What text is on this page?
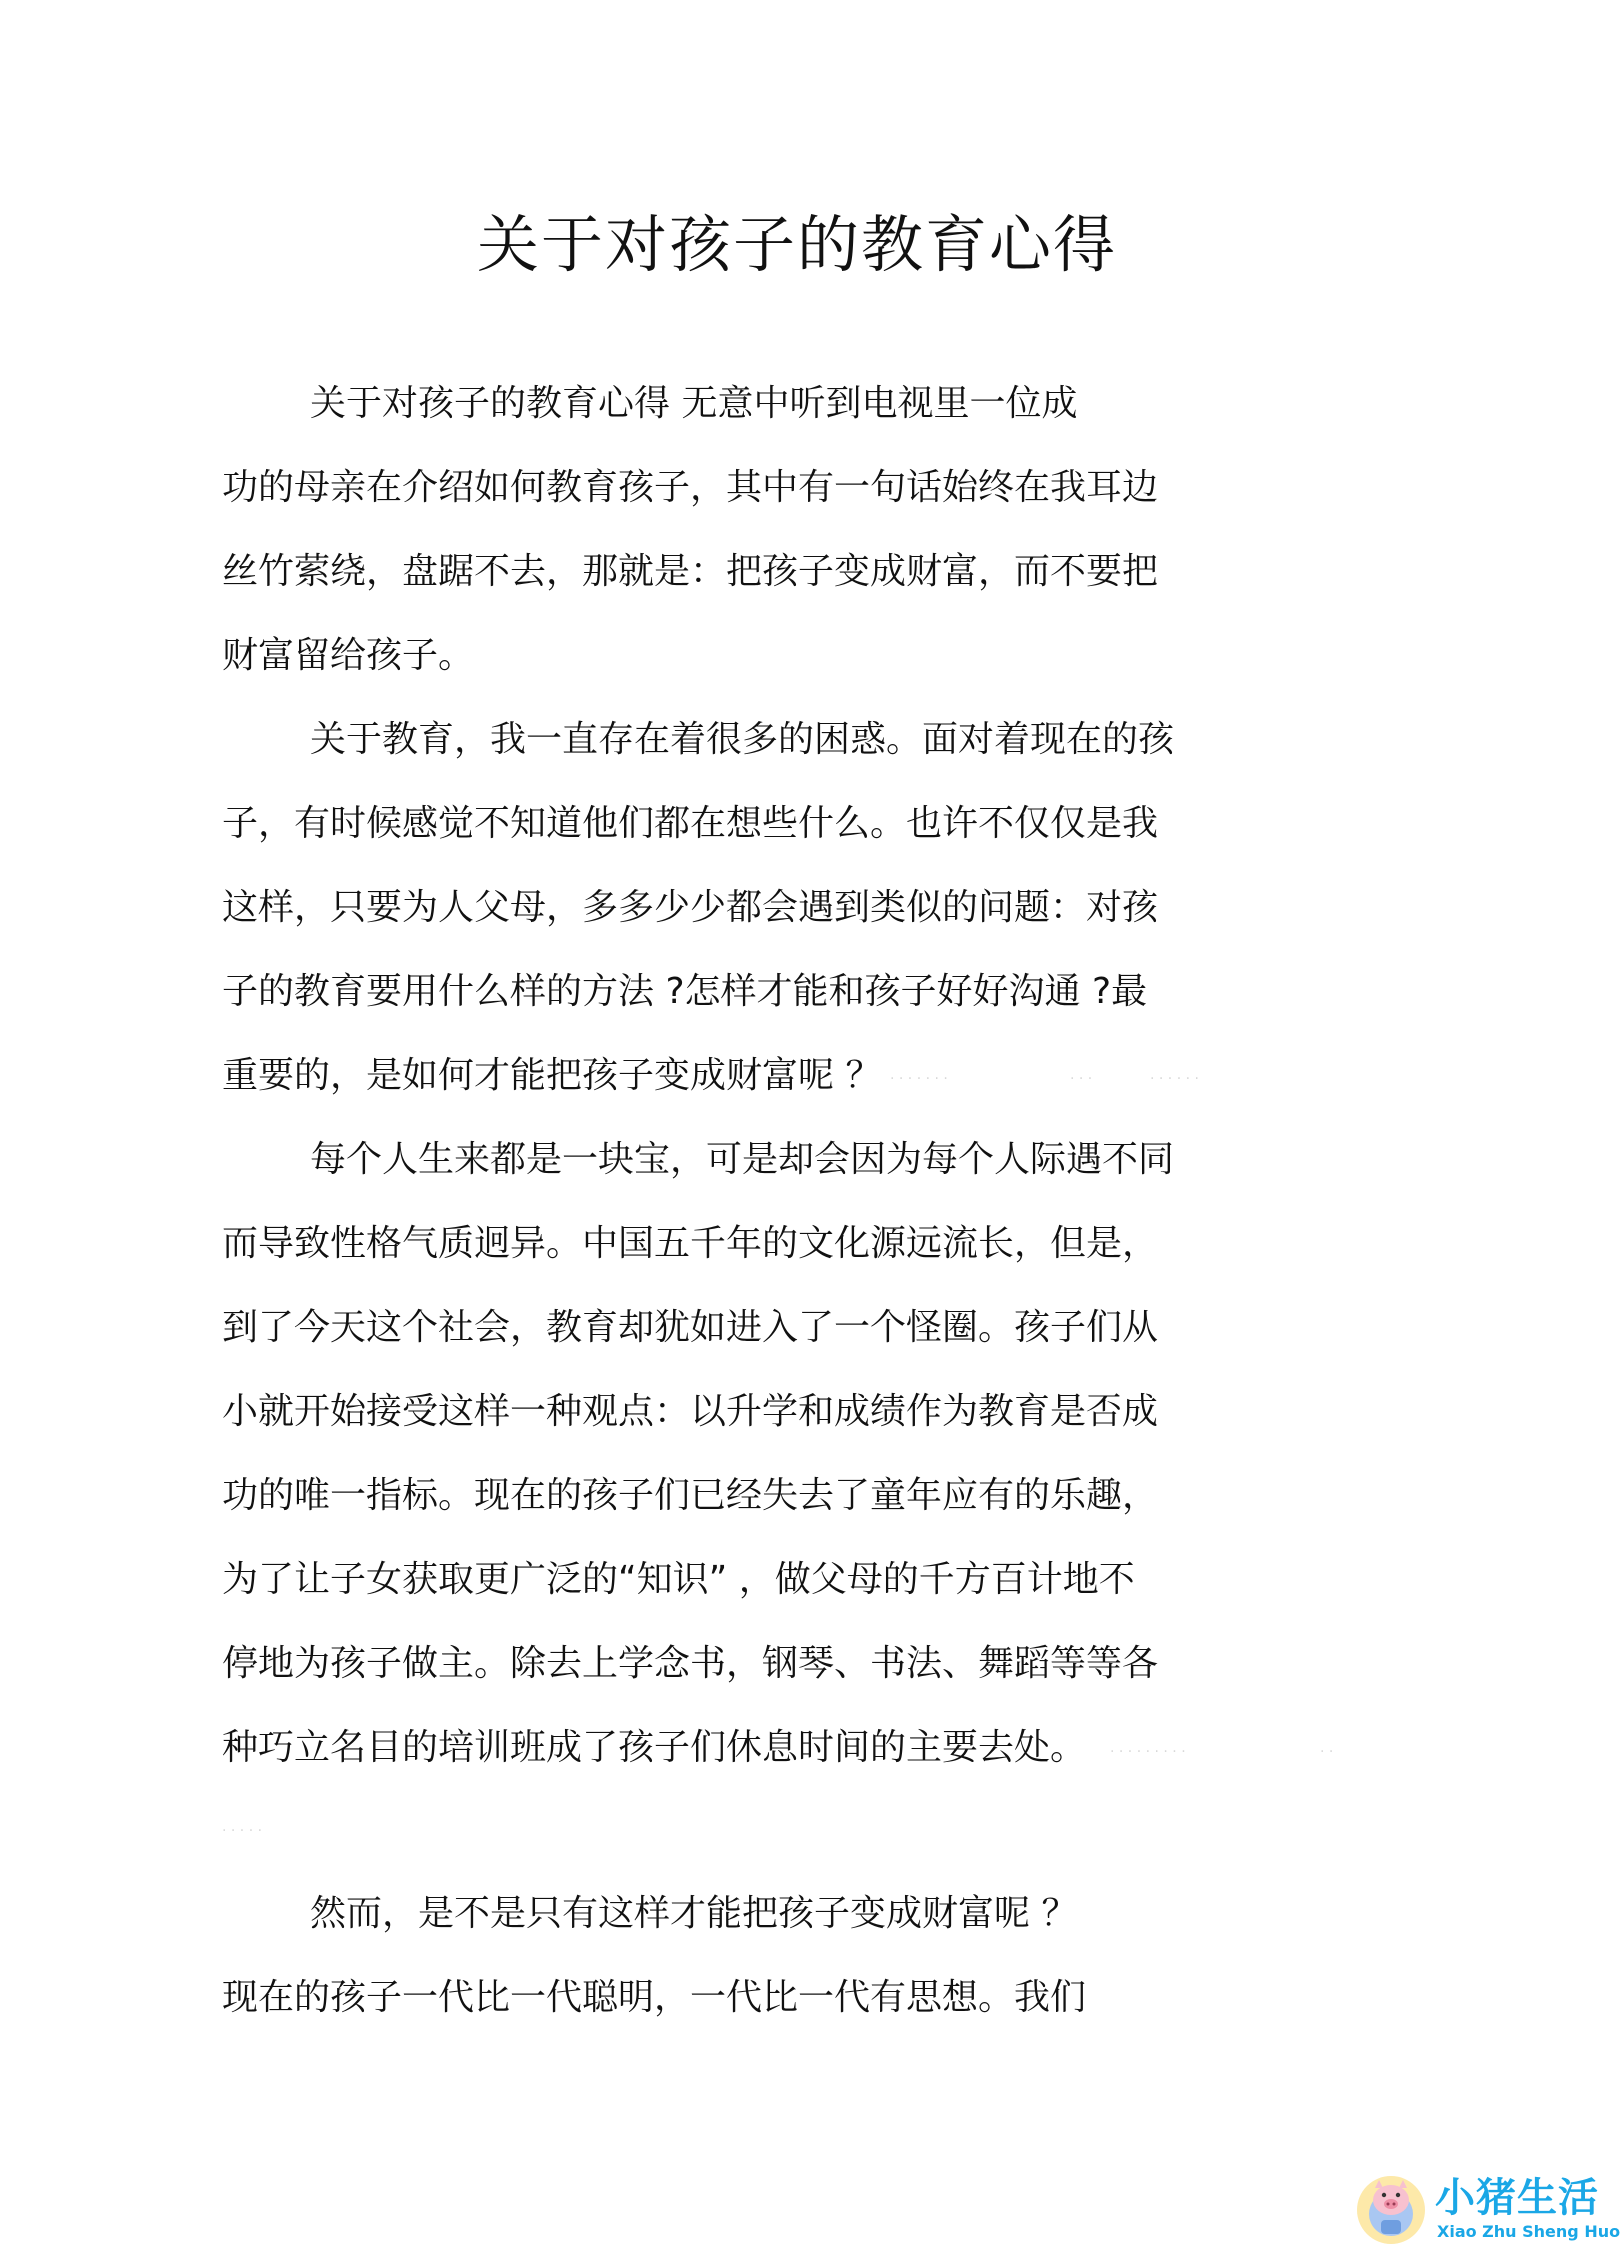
关于对孩子的教育心得
关于对孩子的教育心得 无意中听到电视里一位成
功的母亲在介绍如何教育孩子，其中有一句话始终在我耳边
丝竹萦绕，盘踞不去，那就是：把孩子变成财富，而不要把
财富留给孩子。
关于教育，我一直存在着很多的困惑。面对着现在的孩
子，有时候感觉不知道他们都在想些什么。也许不仅仅是我
这样，只要为人父母，多多少少都会遇到类似的问题：对孩
子的教育要用什么样的方法 ?怎样才能和孩子好好沟通 ?最
重要的，是如何才能把孩子变成财富呢 ？ · · · · · · ·	· · ·	· · · · · ·
每个人生来都是一块宝，可是却会因为每个人际遇不同
而导致性格气质迥异。中国五千年的文化源远流长，但是，
到了今天这个社会，教育却犹如进入了一个怪圈。孩子们从
小就开始接受这样一种观点：以升学和成绩作为教育是否成
功的唯一指标。现在的孩子们已经失去了童年应有的乐趣，
为了让子女获取更广泛的“知识” ，做父母的千方百计地不
停地为孩子做主。除去上学念书，钢琴、书法、舞蹈等等各
种巧立名目的培训班成了孩子们休息时间的主要去处。 · · · · · · · · ·	· ·
· · · · ·
然而，是不是只有这样才能把孩子变成财富呢 ？
现在的孩子一代比一代聪明，一代比一代有思想。我们
小猪生活
Xiao Zhu Sheng Huo
